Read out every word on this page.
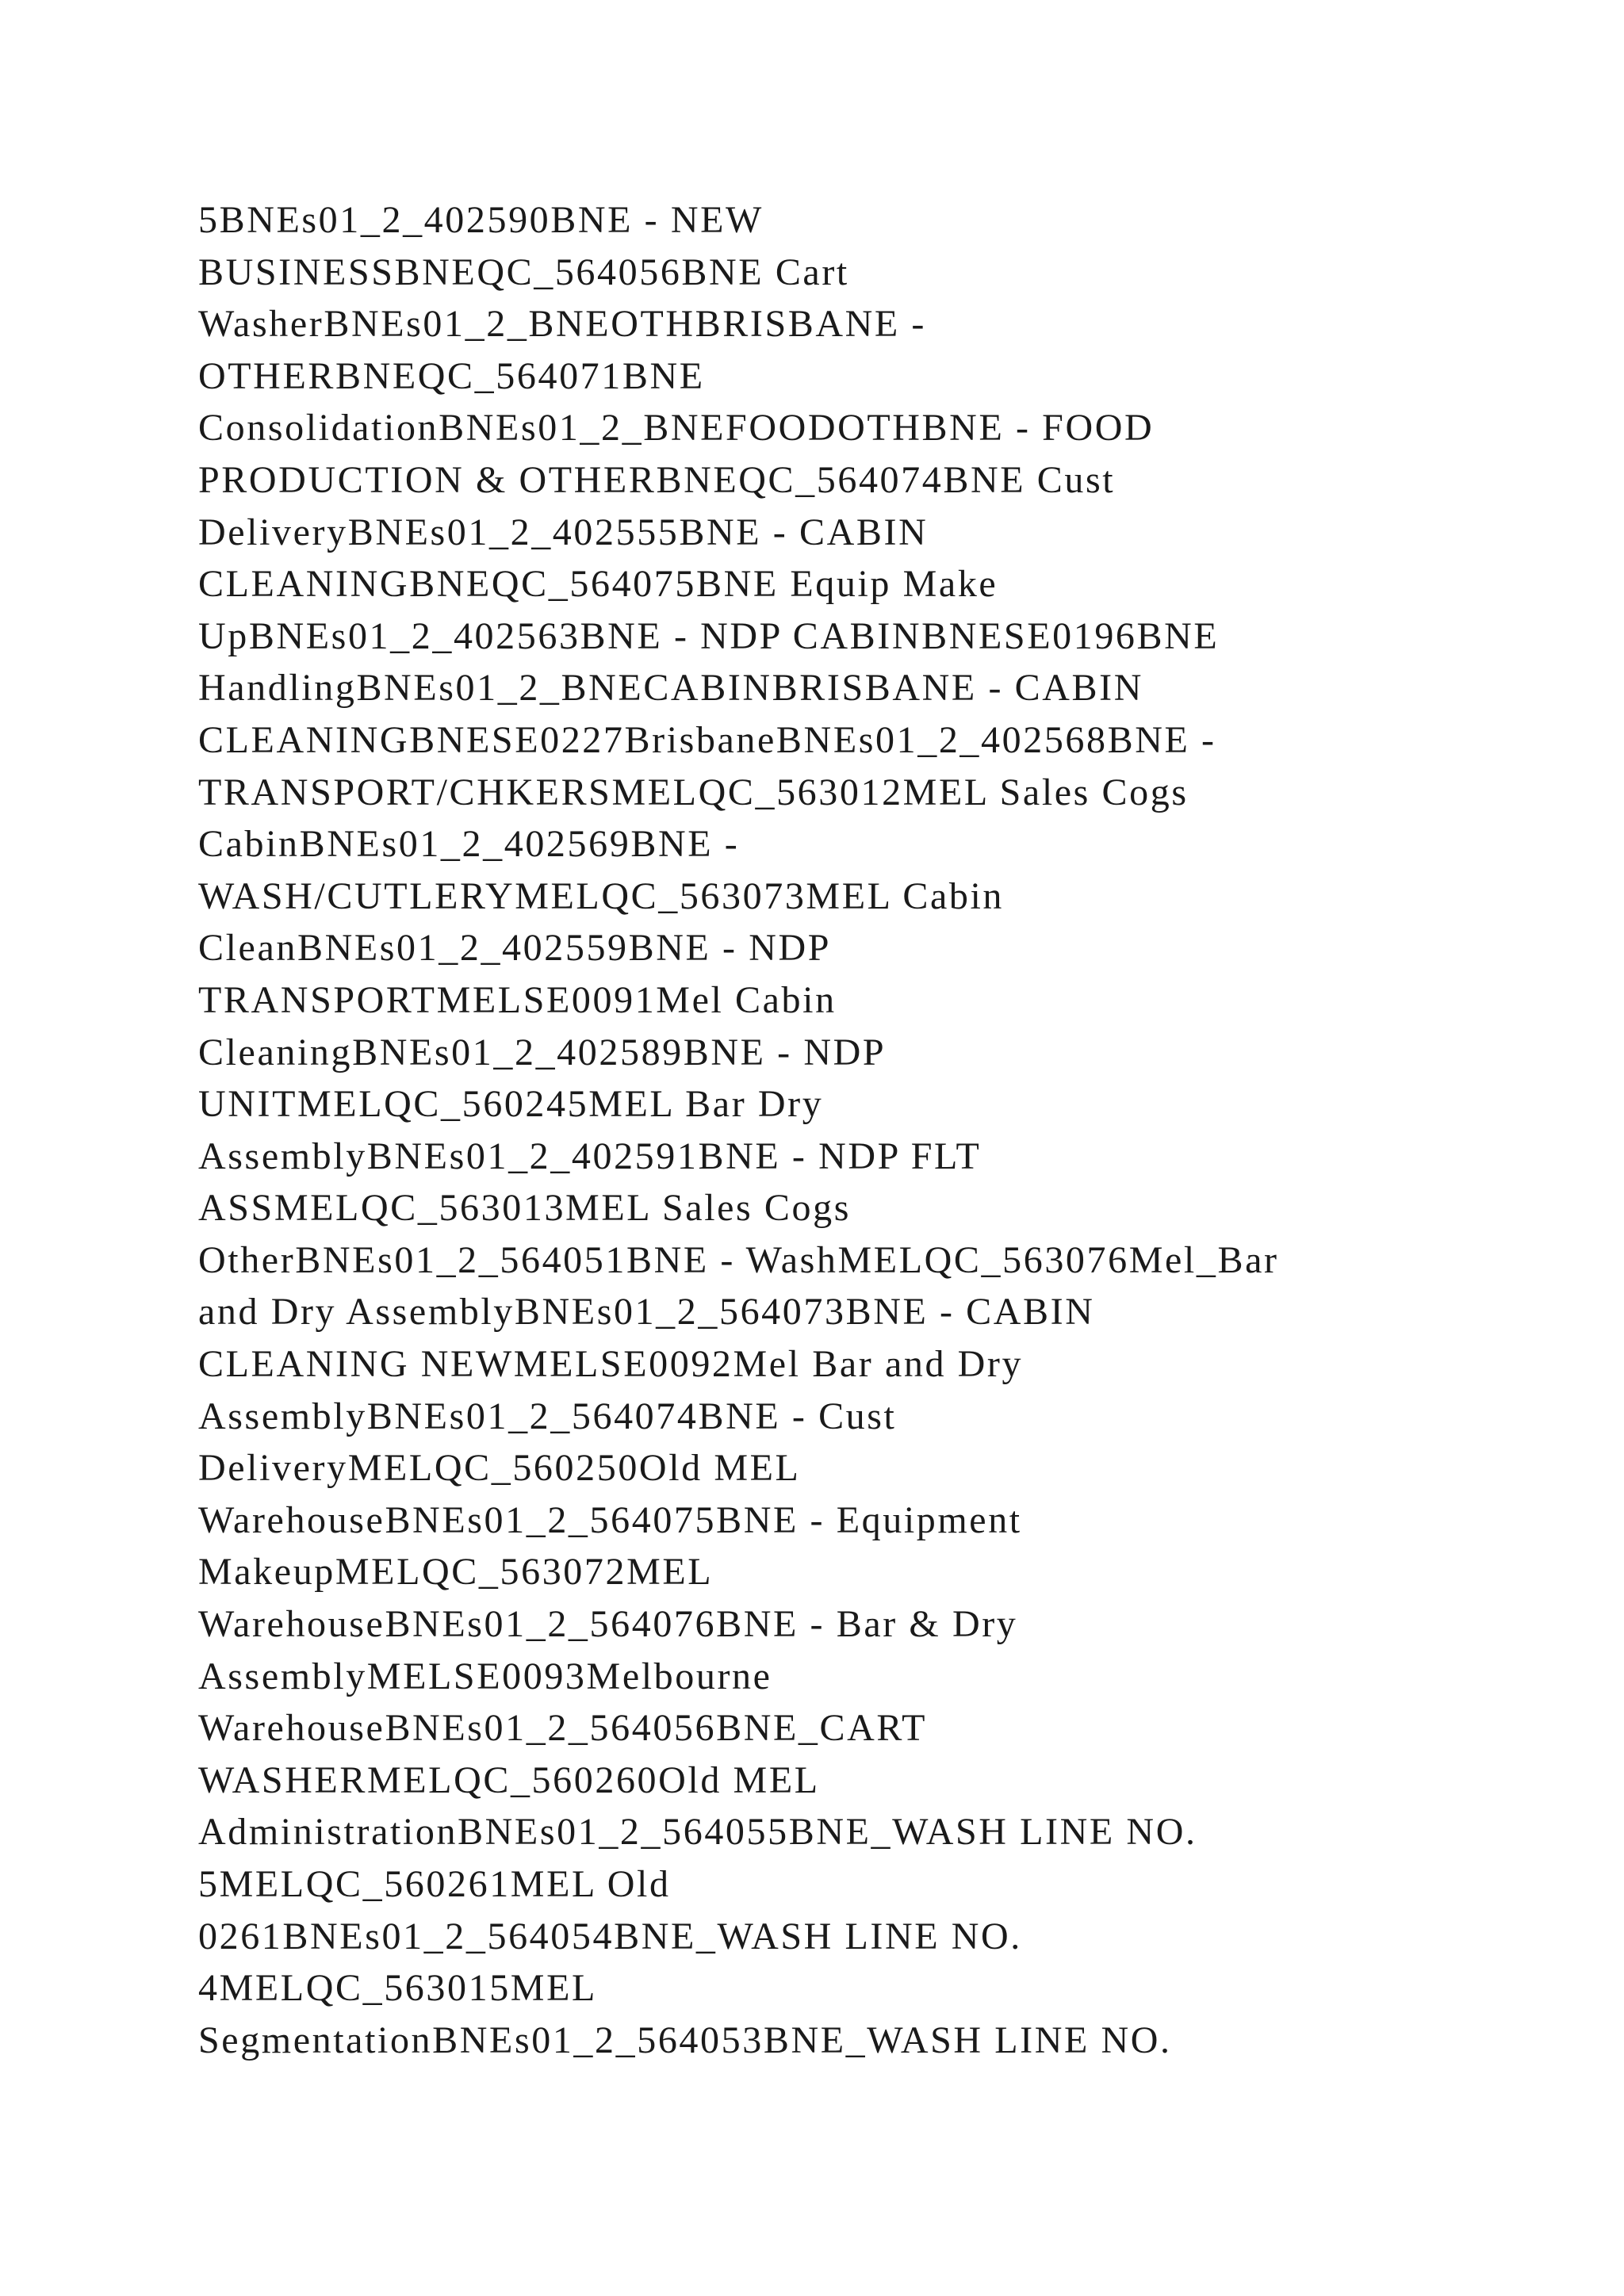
5BNEs01_2_402590BNE - NEW
BUSINESSBNEQC_564056BNE Cart
WasherBNEs01_2_BNEOTHBRISBANE -
OTHERBNEQC_564071BNE
ConsolidationBNEs01_2_BNEFOODOTHBNE - FOOD
PRODUCTION & OTHERBNEQC_564074BNE Cust
DeliveryBNEs01_2_402555BNE - CABIN
CLEANINGBNEQC_564075BNE Equip Make
UpBNEs01_2_402563BNE - NDP CABINBNESE0196BNE
HandlingBNEs01_2_BNECABINBRISBANE - CABIN
CLEANINGBNESE0227BrisbaneBNEs01_2_402568BNE -
TRANSPORT/CHKERSMELQC_563012MEL Sales Cogs
CabinBNEs01_2_402569BNE -
WASH/CUTLERYMELQC_563073MEL Cabin
CleanBNEs01_2_402559BNE - NDP
TRANSPORTMELSE0091Mel Cabin
CleaningBNEs01_2_402589BNE - NDP
UNITMELQC_560245MEL Bar Dry
AssemblyBNEs01_2_402591BNE - NDP FLT
ASSMELQC_563013MEL Sales Cogs
OtherBNEs01_2_564051BNE - WashMELQC_563076Mel_Bar
and Dry AssemblyBNEs01_2_564073BNE - CABIN
CLEANING NEWMELSE0092Mel Bar and Dry
AssemblyBNEs01_2_564074BNE - Cust
DeliveryMELQC_560250Old MEL
WarehouseBNEs01_2_564075BNE - Equipment
MakeupMELQC_563072MEL
WarehouseBNEs01_2_564076BNE - Bar & Dry
AssemblyMELSE0093Melbourne
WarehouseBNEs01_2_564056BNE_CART
WASHERMELQC_560260Old MEL
AdministrationBNEs01_2_564055BNE_WASH LINE NO.
5MELQC_560261MEL Old
0261BNEs01_2_564054BNE_WASH LINE NO.
4MELQC_563015MEL
SegmentationBNEs01_2_564053BNE_WASH LINE NO.
